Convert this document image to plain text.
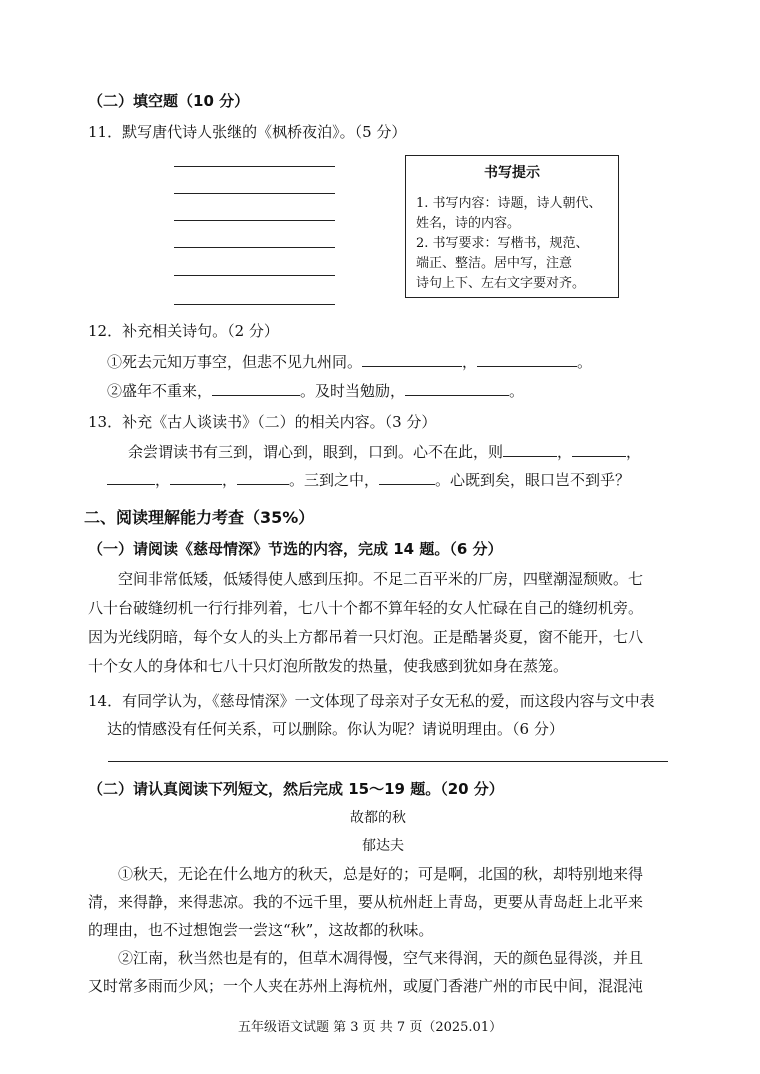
（二）填空题（10 分）
11．默写唐代诗人张继的《枫桥夜泊》。（5 分）
书写提示
1. 书写内容：诗题，诗人朝代、
姓名，诗的内容。
2. 书写要求：写楷书，规范、
端正、整洁。居中写，注意
诗句上下、左右文字要对齐。
12．补充相关诗句。（2 分）
①死去元知万事空，但悲不见九州同。	，	。
②盛年不重来，	。及时当勉励，	。
13．补充《古人谈读书》（二）的相关内容。（3 分）
余尝谓读书有三到，谓心到，眼到，口到。心不在此，则	，	，
，	，	。三到之中，	。心既到矣，眼口岂不到乎？
二、阅读理解能力考查（35%）
（一）请阅读《慈母情深》节选的内容，完成 14 题。（6 分）
空间非常低矮，低矮得使人感到压抑。不足二百平米的厂房，四壁潮湿颓败。七
八十台破缝纫机一行行排列着，七八十个都不算年轻的女人忙碌在自己的缝纫机旁。
因为光线阴暗，每个女人的头上方都吊着一只灯泡。正是酷暑炎夏，窗不能开，七八
十个女人的身体和七八十只灯泡所散发的热量，使我感到犹如身在蒸笼。
14．有同学认为，《慈母情深》一文体现了母亲对子女无私的爱，而这段内容与文中表
达的情感没有任何关系，可以删除。你认为呢？请说明理由。（6 分）
（二）请认真阅读下列短文，然后完成 15～19 题。（20 分）
故都的秋
郁达夫
①秋天，无论在什么地方的秋天，总是好的；可是啊，北国的秋，却特别地来得
清，来得静，来得悲凉。我的不远千里，要从杭州赶上青岛，更要从青岛赶上北平来
的理由，也不过想饱尝一尝这“秋”，这故都的秋味。
②江南，秋当然也是有的，但草木凋得慢，空气来得润，天的颜色显得淡，并且
又时常多雨而少风；一个人夹在苏州上海杭州，或厦门香港广州的市民中间，混混沌
五年级语文试题 第 3 页 共 7 页（2025.01）
